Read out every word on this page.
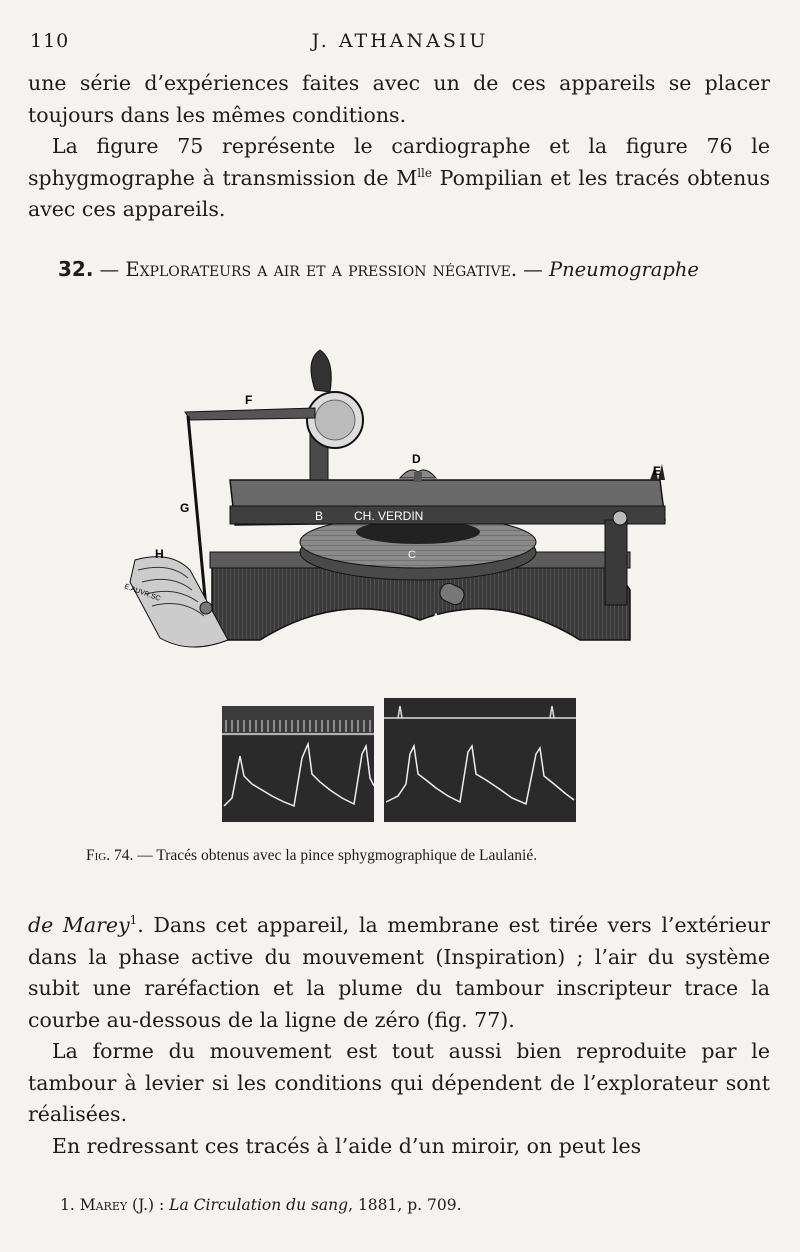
110	J. ATHANASIU

une série d’expériences faites avec un de ces appareils se placer toujours dans les mêmes conditions.

La figure 75 représente le cardiographe et la figure 76 le sphygmographe à transmission de $M^{lle}$ Pompilian et les tracés obtenus avec ces appareils.

32. — Explorateurs a air et a pression négative. — Pneumographe
F
D
E
G
B	CH. VERDIN
H	C
A
E.AUVR.SC
Fig. 74. — Tracés obtenus avec la pince sphygmographique de Laulanié.

de Marey$^1$. Dans cet appareil, la membrane est tirée vers l’extérieur dans la phase active du mouvement (Inspiration) ; l’air du système subit une raréfaction et la plume du tambour inscripteur trace la courbe au-dessous de la ligne de zéro (fig. 77).

La forme du mouvement est tout aussi bien reproduite par le tambour à levier si les conditions qui dépendent de l’explorateur sont réalisées.

En redressant ces tracés à l’aide d’un miroir, on peut les

1. Marey (J.) : La Circulation du sang, 1881, p. 709.
